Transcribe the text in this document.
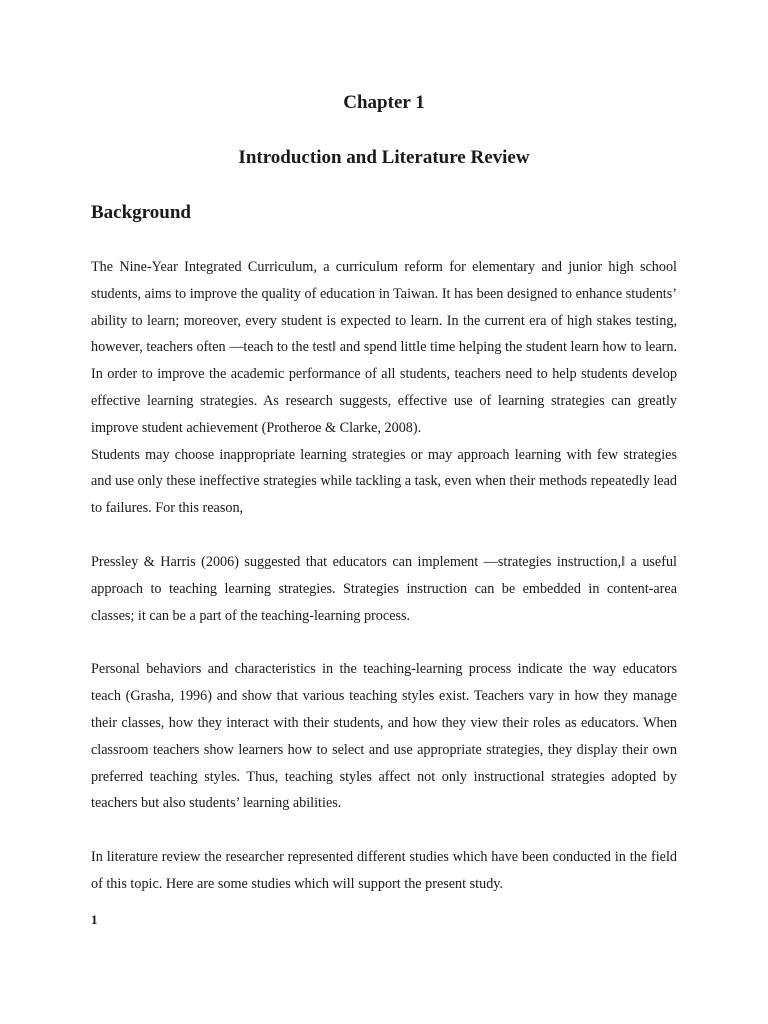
Chapter 1
Introduction and Literature Review
Background

The Nine-Year Integrated Curriculum, a curriculum reform for elementary and junior high school students, aims to improve the quality of education in Taiwan. It has been designed to enhance students’ ability to learn; moreover, every student is expected to learn. In the current era of high stakes testing, however, teachers often —teach to the test‖ and spend little time helping the student learn how to learn. In order to improve the academic performance of all students, teachers need to help students develop effective learning strategies. As research suggests, effective use of learning strategies can greatly improve student achievement (Protheroe & Clarke, 2008).

Students may choose inappropriate learning strategies or may approach learning with few strategies and use only these ineffective strategies while tackling a task, even when their methods repeatedly lead to failures. For this reason,

Pressley & Harris (2006) suggested that educators can implement —strategies instruction,‖ a useful approach to teaching learning strategies. Strategies instruction can be embedded in content-area classes; it can be a part of the teaching-learning process.

Personal behaviors and characteristics in the teaching-learning process indicate the way educators teach (Grasha, 1996) and show that various teaching styles exist. Teachers vary in how they manage their classes, how they interact with their students, and how they view their roles as educators. When classroom teachers show learners how to select and use appropriate strategies, they display their own preferred teaching styles. Thus, teaching styles affect not only instructional strategies adopted by teachers but also students’ learning abilities.

In literature review the researcher represented different studies which have been conducted in the field of this topic. Here are some studies which will support the present study.

1
